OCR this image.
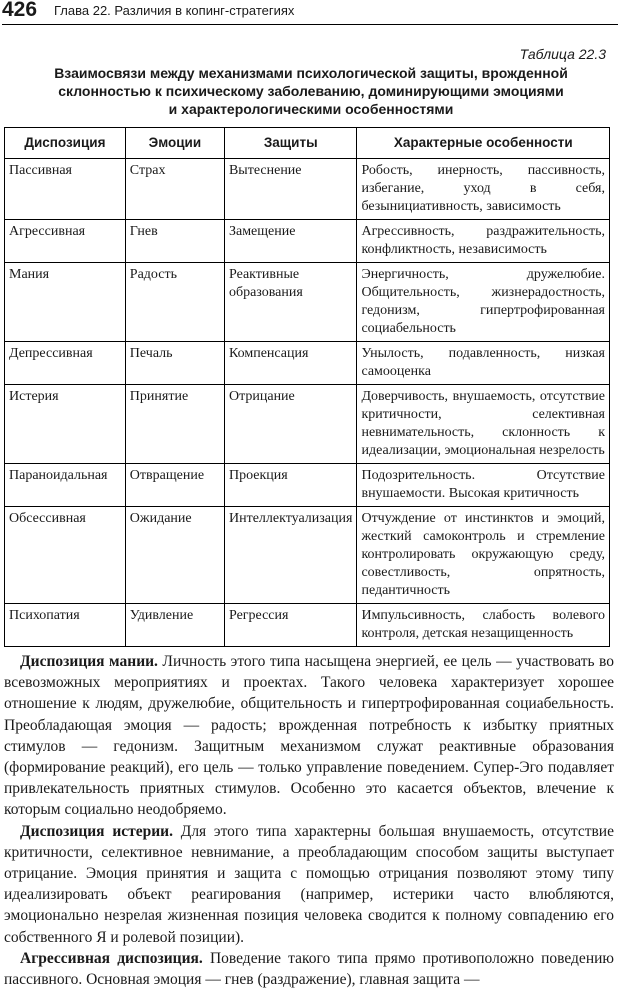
426 Глава 22. Различия в копинг-стратегиях
Таблица 22.3
Взаимосвязи между механизмами психологической защиты, врожденной
склонностью к психическому заболеванию, доминирующими эмоциями
и характерологическими особенностями
Диспозиция	Эмоции	Защиты	Характерные особенности
Пассивная	Страх	Вытеснение	Робость, инерность, пассивность, избегание, уход в себя, безынициативность, зависимость
Агрессивная	Гнев	Замещение	Агрессивность, раздражительность, конфликтность, независимость
Мания	Радость	Реактивные образования	Энергичность, дружелюбие. Общительность, жизнерадостность, гедонизм, гипертрофированная социабельность
Депрессивная	Печаль	Компенсация	Унылость, подавленность, низкая самооценка
Истерия	Принятие	Отрицание	Доверчивость, внушаемость, отсутствие критичности, селективная невнимательность, склонность к идеализации, эмоциональная незрелость
Параноидальная	Отвращение	Проекция	Подозрительность. Отсутствие внушаемости. Высокая критичность
Обсессивная	Ожидание	Интеллектуализация	Отчуждение от инстинктов и эмоций, жесткий самоконтроль и стремление контролировать окружающую среду, совестливость, опрятность, педантичность
Психопатия	Удивление	Регрессия	Импульсивность, слабость волевого контроля, детская незащищенность

Диспозиция мании. Личность этого типа насыщена энергией, ее цель — участвовать во всевозможных мероприятиях и проектах. Такого человека характеризует хорошее отношение к людям, дружелюбие, общительность и гипертрофированная социабельность. Преобладающая эмоция — радость; врожденная потребность к избытку приятных стимулов — гедонизм. Защитным механизмом служат реактивные образования (формирование реакций), его цель — только управление поведением. Супер-Эго подавляет привлекательность приятных стимулов. Особенно это касается объектов, влечение к которым социально неодобряемо.

Диспозиция истерии. Для этого типа характерны большая внушаемость, отсутствие критичности, селективное невнимание, а преобладающим способом защиты выступает отрицание. Эмоция принятия и защита с помощью отрицания позволяют этому типу идеализировать объект реагирования (например, истерики часто влюбляются, эмоционально незрелая жизненная позиция человека сводится к полному совпадению его собственного Я и ролевой позиции).

Агрессивная диспозиция. Поведение такого типа прямо противоположно поведению пассивного. Основная эмоция — гнев (раздражение), главная защита —
